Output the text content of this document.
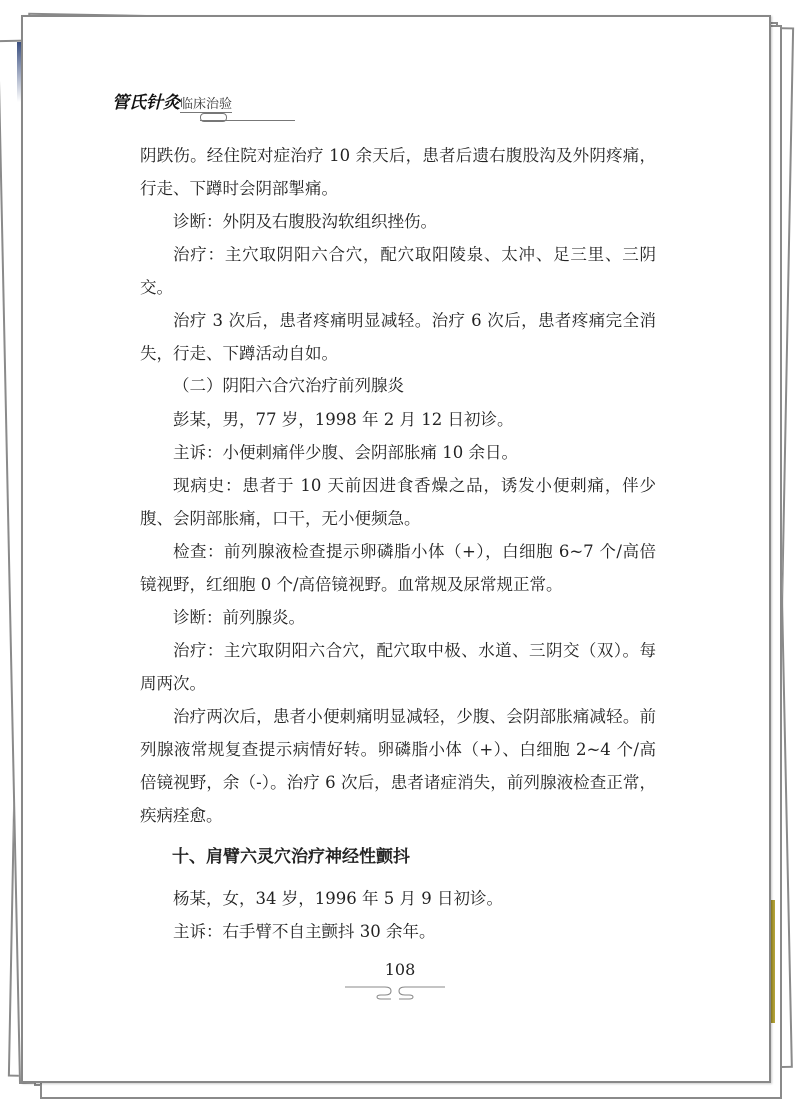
管氏针灸临床治验
阴跌伤。经住院对症治疗 10 余天后，患者后遗右腹股沟及外阴疼痛，行走、下蹲时会阴部掣痛。
诊断：外阴及右腹股沟软组织挫伤。
治疗：主穴取阴阳六合穴，配穴取阳陵泉、太冲、足三里、三阴交。
治疗 3 次后，患者疼痛明显减轻。治疗 6 次后，患者疼痛完全消失，行走、下蹲活动自如。
（二）阴阳六合穴治疗前列腺炎
彭某，男，77 岁，1998 年 2 月 12 日初诊。
主诉：小便刺痛伴少腹、会阴部胀痛 10 余日。
现病史：患者于 10 天前因进食香燥之品，诱发小便刺痛，伴少腹、会阴部胀痛，口干，无小便频急。
检查：前列腺液检查提示卵磷脂小体（+），白细胞 6~7 个/高倍镜视野，红细胞 0 个/高倍镜视野。血常规及尿常规正常。
诊断：前列腺炎。
治疗：主穴取阴阳六合穴，配穴取中极、水道、三阴交（双）。每周两次。
治疗两次后，患者小便刺痛明显减轻，少腹、会阴部胀痛减轻。前列腺液常规复查提示病情好转。卵磷脂小体（+）、白细胞 2~4 个/高倍镜视野，余（-）。治疗 6 次后，患者诸症消失，前列腺液检查正常，疾病痊愈。
十、肩臂六灵穴治疗神经性颤抖
杨某，女，34 岁，1996 年 5 月 9 日初诊。
主诉：右手臂不自主颤抖 30 余年。
108
